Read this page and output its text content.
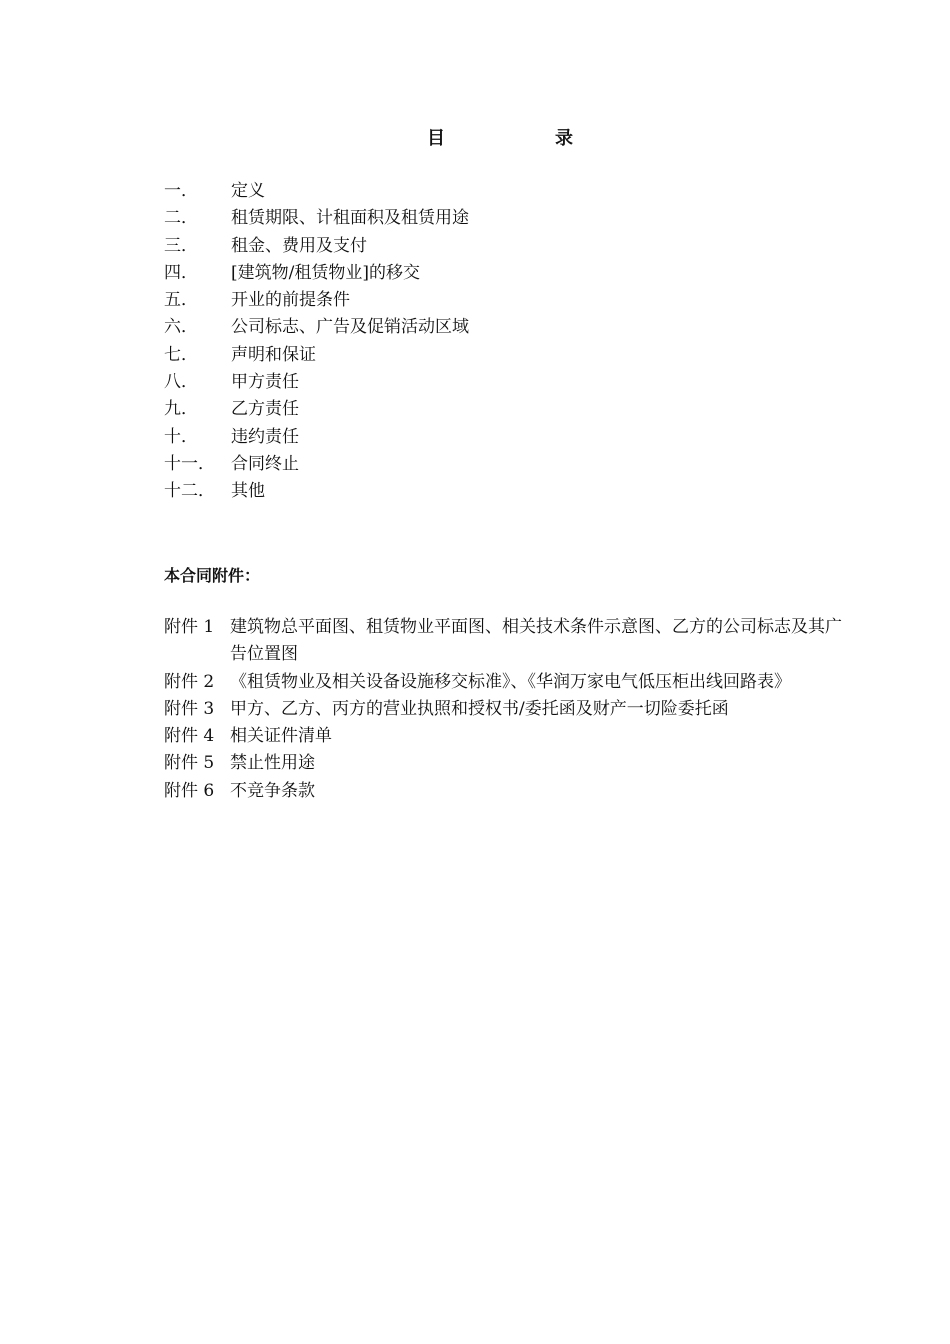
目	录
一． 定义
二． 租赁期限、计租面积及租赁用途
三． 租金、费用及支付
四． [建筑物/租赁物业]的移交
五． 开业的前提条件
六． 公司标志、广告及促销活动区域
七． 声明和保证
八． 甲方责任
九． 乙方责任
十． 违约责任
十一． 合同终止
十二． 其他
本合同附件：
附件 1 建筑物总平面图、租赁物业平面图、相关技术条件示意图、乙方的公司标志及其广告位置图
附件 2 《租赁物业及相关设备设施移交标准》、《华润万家电气低压柜出线回路表》
附件 3 甲方、乙方、丙方的营业执照和授权书/委托函及财产一切险委托函
附件 4 相关证件清单
附件 5 禁止性用途
附件 6 不竞争条款
